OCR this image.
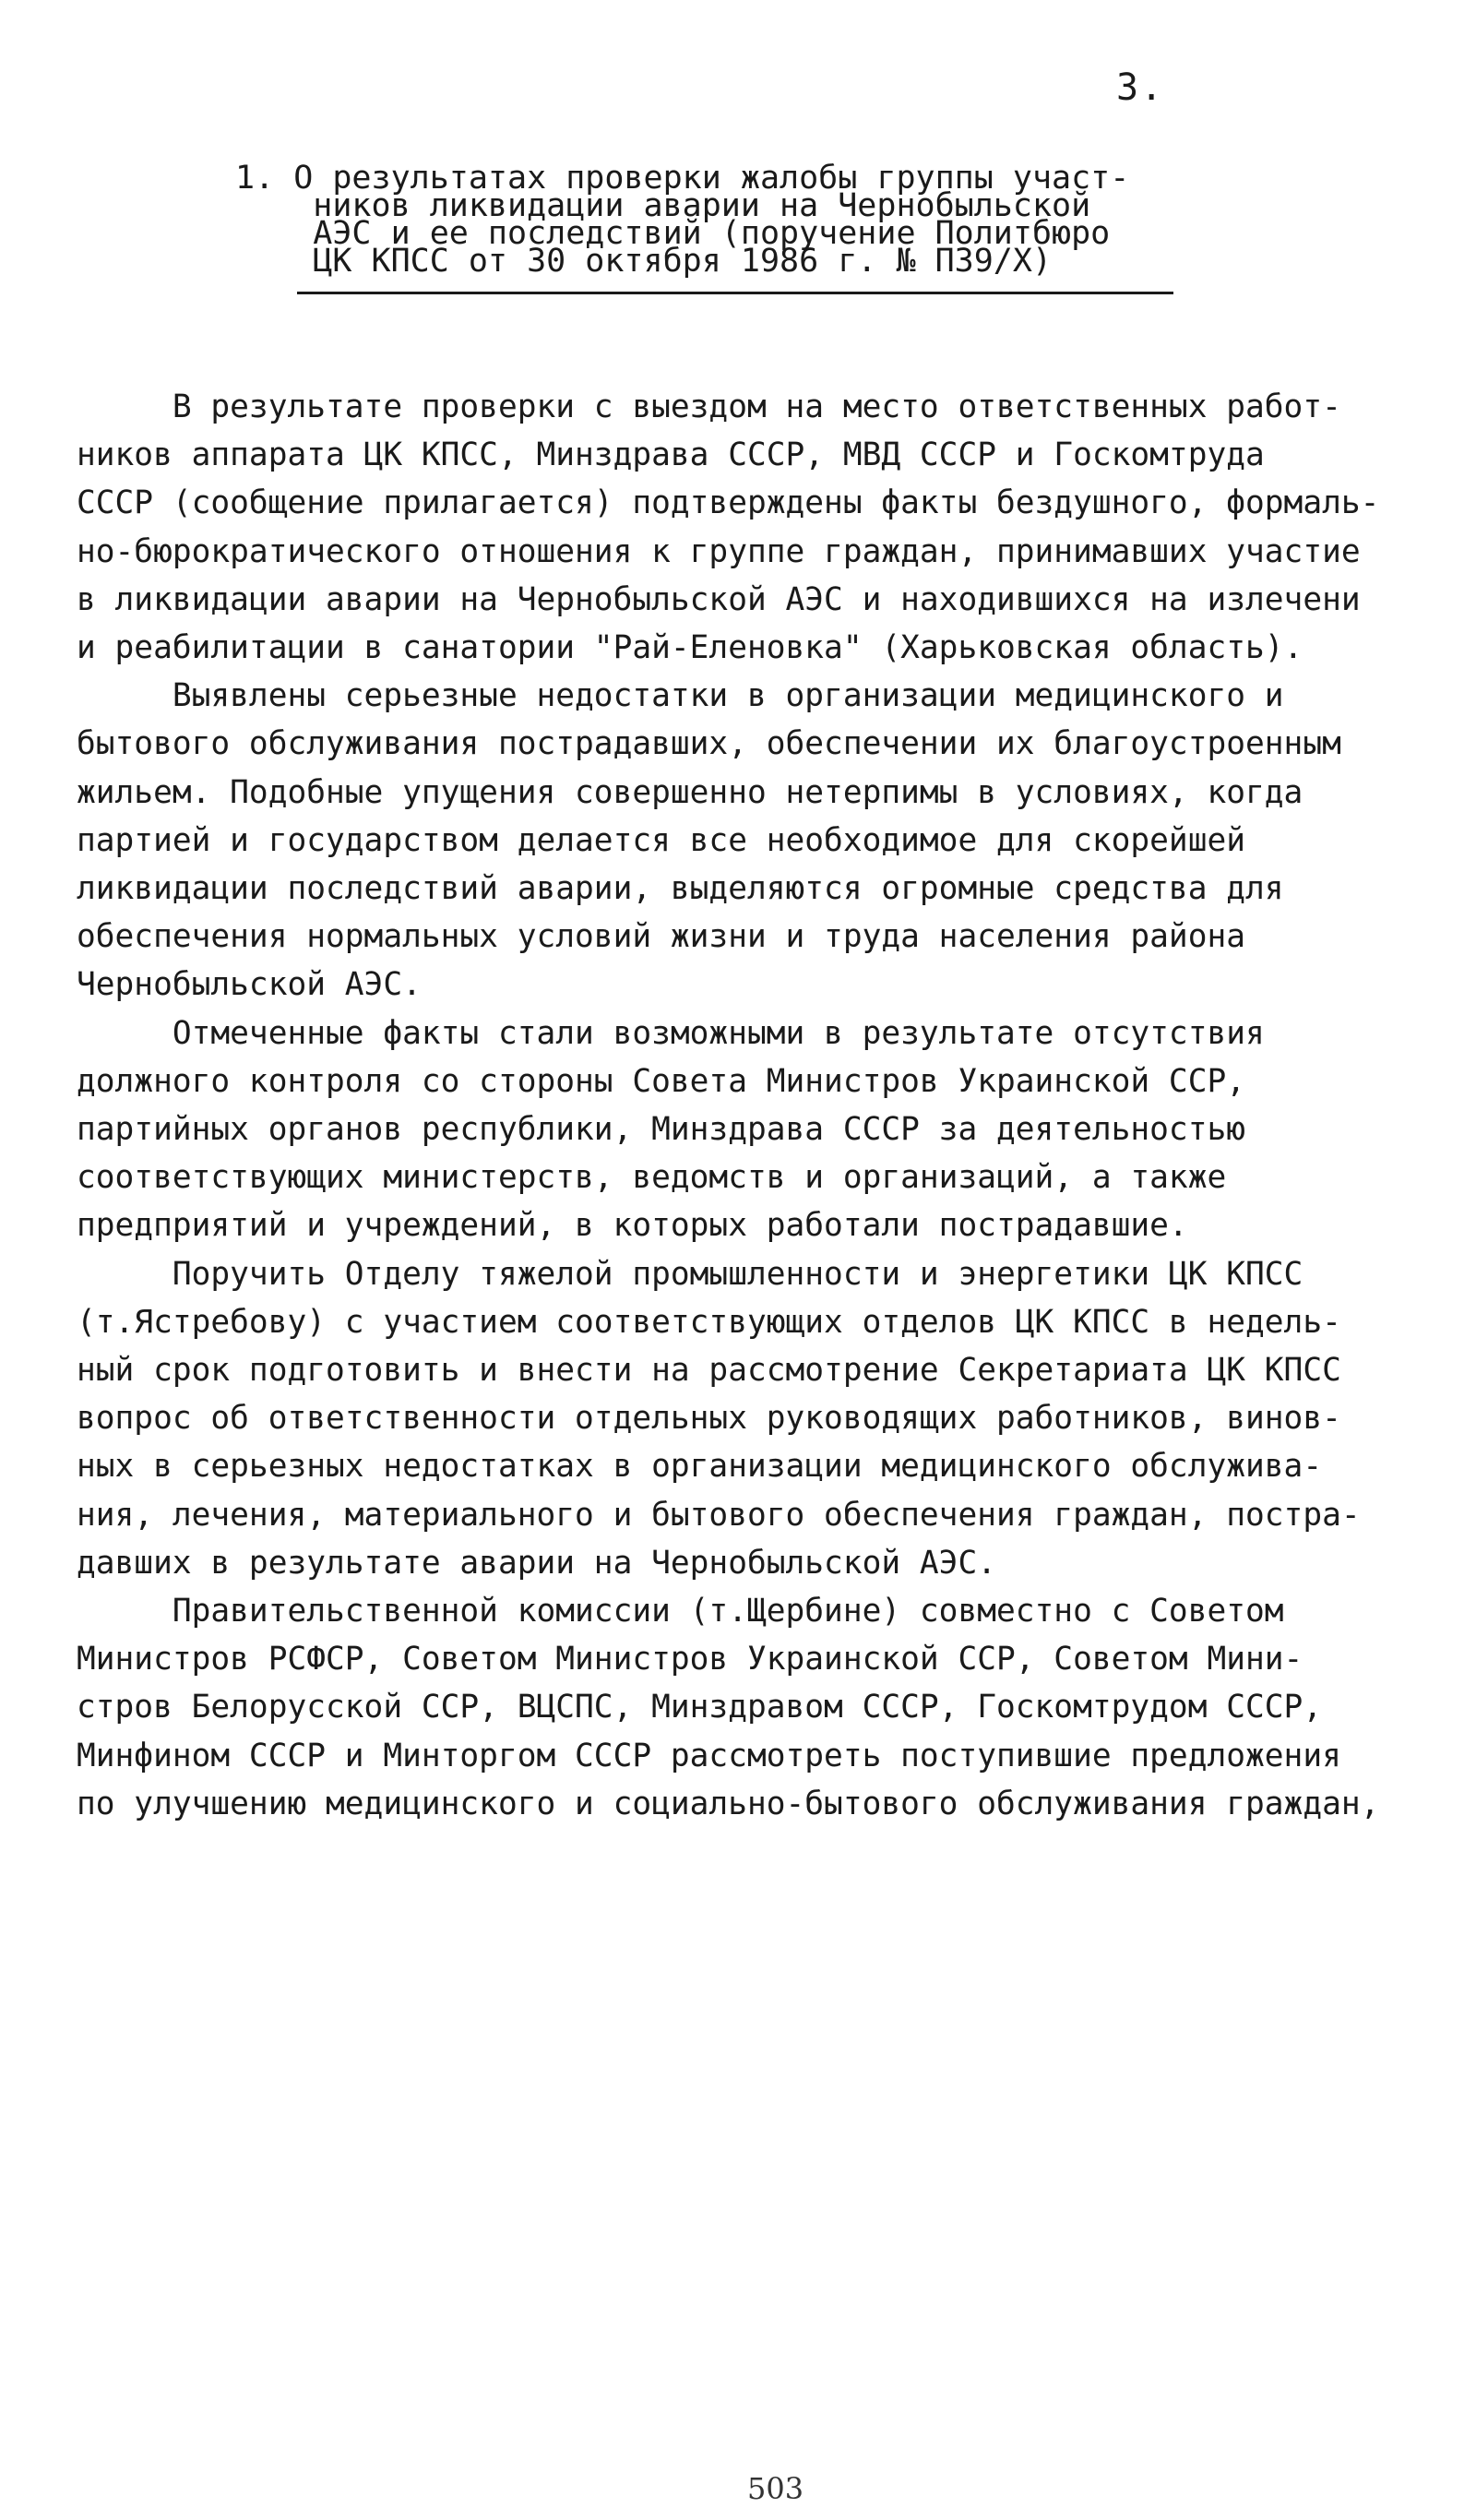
3.
1. О результатах проверки жалобы группы участ-
ников ликвидации аварии на Чернобыльской
АЭС и ее последствий (поручение Политбюро
ЦК КПСС от 30 октября 1986 г. № П39/Х)
В результате проверки с выездом на место ответственных работ-
ников аппарата ЦК КПСС, Минздрава СССР, МВД СССР и Госкомтруда
СССР (сообщение прилагается) подтверждены факты бездушного, формаль-
но-бюрократического отношения к группе граждан, принимавших участие
в ликвидации аварии на Чернобыльской АЭС и находившихся на излечени
и реабилитации в санатории "Рай-Еленовка" (Харьковская область).
Выявлены серьезные недостатки в организации медицинского и
бытового обслуживания пострадавших, обеспечении их благоустроенным
жильем. Подобные упущения совершенно нетерпимы в условиях, когда
партией и государством делается все необходимое для скорейшей
ликвидации последствий аварии, выделяются огромные средства для
обеспечения нормальных условий жизни и труда населения района
Чернобыльской АЭС.
Отмеченные факты стали возможными в результате отсутствия
должного контроля со стороны Совета Министров Украинской ССР,
партийных органов республики, Минздрава СССР за деятельностью
соответствующих министерств, ведомств и организаций, а также
предприятий и учреждений, в которых работали пострадавшие.
Поручить Отделу тяжелой промышленности и энергетики ЦК КПСС
(т.Ястребову) с участием соответствующих отделов ЦК КПСС в недель-
ный срок подготовить и внести на рассмотрение Секретариата ЦК КПСС
вопрос об ответственности отдельных руководящих работников, винов-
ных в серьезных недостатках в организации медицинского обслужива-
ния, лечения, материального и бытового обеспечения граждан, постра-
давших в результате аварии на Чернобыльской АЭС.
Правительственной комиссии (т.Щербине) совместно с Советом
Министров РСФСР, Советом Министров Украинской ССР, Советом Мини-
стров Белорусской ССР, ВЦСПС, Минздравом СССР, Госкомтрудом СССР,
Минфином СССР и Минторгом СССР рассмотреть поступившие предложения
по улучшению медицинского и социально-бытового обслуживания граждан,
503
